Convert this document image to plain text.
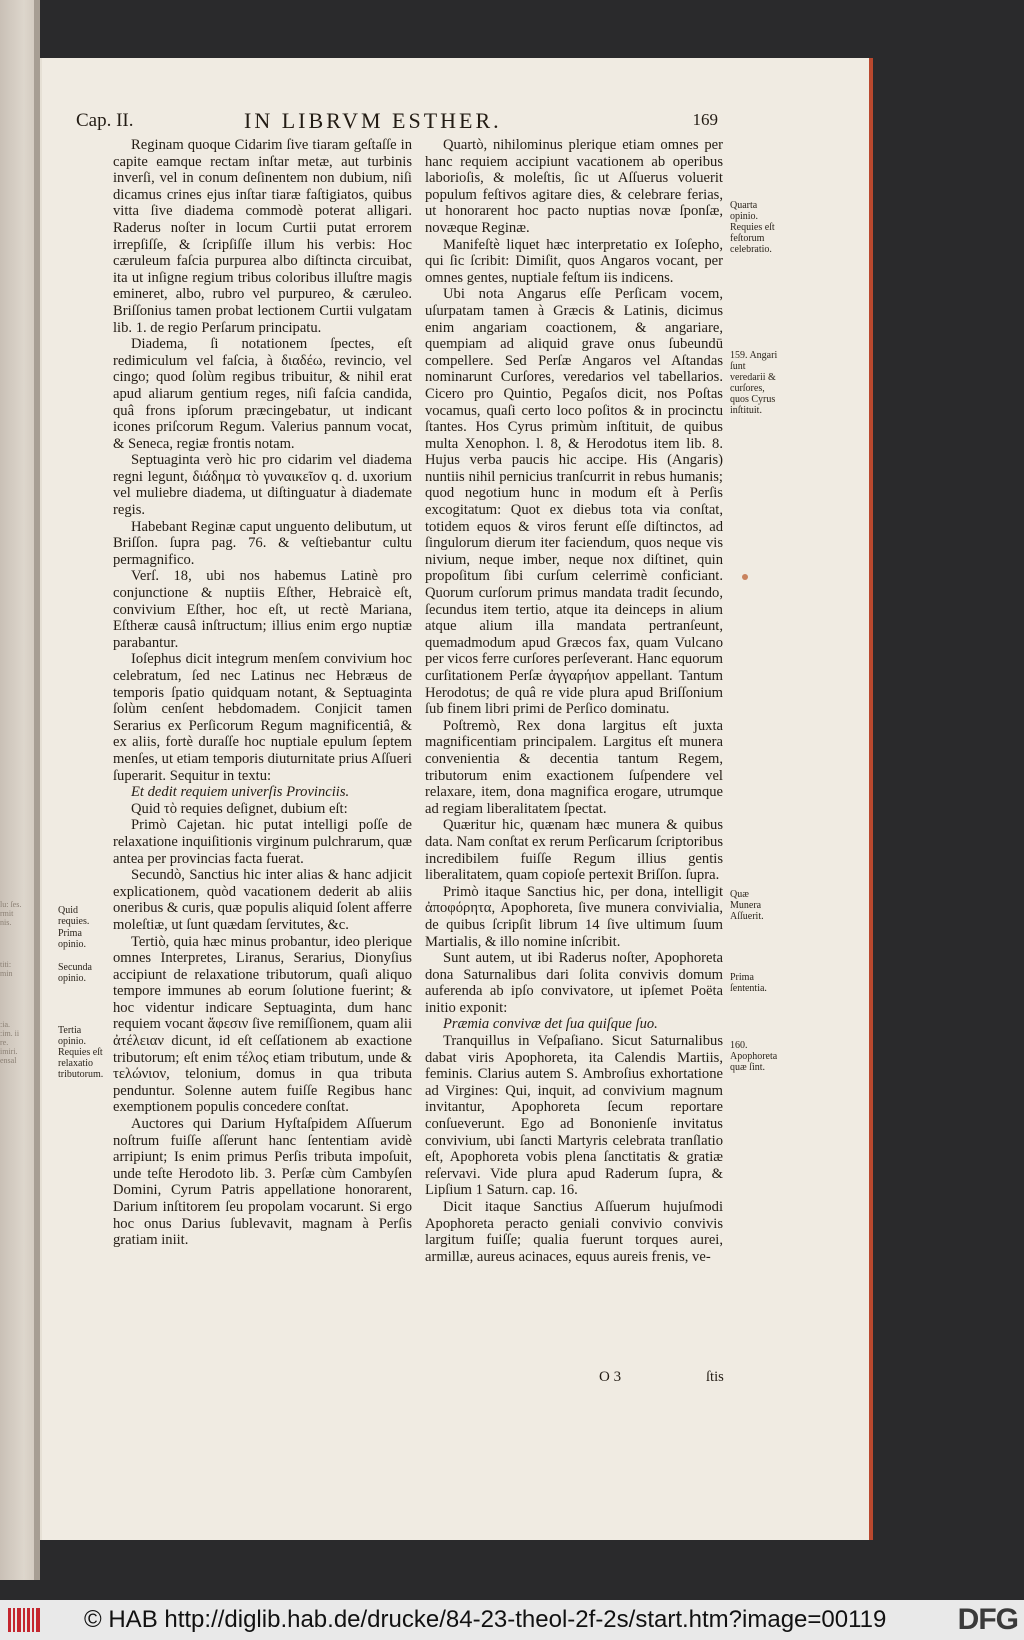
lu: ſes. rmit nis.
titi: min
:ia. :im. ii re. imiri. ensal
Cap. II.	IN LIBRVM ESTHER.	169

Reginam quoque Cidarim ſive tiaram geſtaſſe in capite eamque rectam inſtar metæ, aut turbinis inverſi, vel in conum deſinentem non dubium, niſi dicamus crines ejus inſtar tiaræ faſtigiatos, quibus vitta ſive diadema commodè poterat alligari. Raderus noſter in locum Curtii putat errorem irrepſiſſe, & ſcripſiſſe illum his verbis: Hoc cæruleum faſcia purpurea albo diſtincta circuibat, ita ut inſigne regium tribus coloribus illuſtre magis emineret, albo, rubro vel purpureo, & cæruleo. Briſſonius tamen probat lectionem Curtii vulgatam lib. 1. de regio Perſarum principatu.

Diadema, ſi notationem ſpectes, eſt redimiculum vel faſcia, à διαδέω, revincio, vel cingo; quod ſolùm regibus tribuitur, & nihil erat apud aliarum gentium reges, niſi faſcia candida, quâ frons ipſorum præcingebatur, ut indicant icones priſcorum Regum. Valerius pannum vocat, & Seneca, regiæ frontis notam.

Septuaginta verò hic pro cidarim vel diadema regni legunt, διάδημα τὸ γυναικεῖον q. d. uxorium vel muliebre diadema, ut diſtinguatur à diademate regis.

Habebant Reginæ caput unguento delibutum, ut Briſſon. ſupra pag. 76. & veſtiebantur cultu permagnifico.

Verſ. 18, ubi nos habemus Latinè pro conjunctione & nuptiis Eſther, Hebraicè eſt, convivium Eſther, hoc eſt, ut rectè Mariana, Eſtheræ causâ inſtructum; illius enim ergo nuptiæ parabantur.

Ioſephus dicit integrum menſem convivium hoc celebratum, ſed nec Latinus nec Hebræus de temporis ſpatio quidquam notant, & Septuaginta ſolùm cenſent hebdomadem. Conjicit tamen Serarius ex Perſicorum Regum magnificentiâ, & ex aliis, fortè duraſſe hoc nuptiale epulum ſeptem menſes, ut etiam temporis diuturnitate prius Aſſueri ſuperarit. Sequitur in textu:

Et dedit requiem univerſis Provinciis.

Quid τὸ requies deſignet, dubium eſt:

Primò Cajetan. hic putat intelligi poſſe de relaxatione inquiſitionis virginum pulchrarum, quæ antea per provincias facta fuerat.

Secundò, Sanctius hic inter alias & hanc adjicit explicationem, quòd vacationem dederit ab aliis oneribus & curis, quæ populis aliquid ſolent afferre moleſtiæ, ut ſunt quædam ſervitutes, &c.

Tertiò, quia hæc minus probantur, ideo plerique omnes Interpretes, Liranus, Serarius, Dionyſius accipiunt de relaxatione tributorum, quaſi aliquo tempore immunes ab eorum ſolutione fuerint; & hoc videntur indicare Septuaginta, dum hanc requiem vocant ἄφεσιν ſive remiſſionem, quam alii ἀτέλειαν dicunt, id eſt ceſſationem ab exactione tributorum; eſt enim τέλος etiam tributum, unde & τελώνιον, telonium, domus in qua tributa penduntur. Solenne autem fuiſſe Regibus hanc exemptionem populis concedere conſtat.

Auctores qui Darium Hyſtaſpidem Aſſuerum noſtrum fuiſſe aſſerunt hanc ſententiam avidè arripiunt; Is enim primus Perſis tributa impoſuit, unde teſte Herodoto lib. 3. Perſæ cùm Cambyſen Domini, Cyrum Patris appellatione honorarent, Darium inſtitorem ſeu propolam vocarunt. Si ergo hoc onus Darius ſublevavit, magnam à Perſis gratiam iniit.

Quartò, nihilominus plerique etiam omnes per hanc requiem accipiunt vacationem ab operibus laborioſis, & moleſtis, ſic ut Aſſuerus voluerit populum feſtivos agitare dies, & celebrare ferias, ut honorarent hoc pacto nuptias novæ ſponſæ, novæque Reginæ.

Manifeſtè liquet hæc interpretatio ex Ioſepho, qui ſic ſcribit: Dimiſit, quos Angaros vocant, per omnes gentes, nuptiale feſtum iis indicens.

Ubi nota Angarus eſſe Perſicam vocem, uſurpatam tamen à Græcis & Latinis, dicimus enim angariam coactionem, & angariare, quempiam ad aliquid grave onus ſubeundū compellere. Sed Perſæ Angaros vel Aſtandas nominarunt Curſores, veredarios vel tabellarios. Cicero pro Quintio, Pegaſos dicit, nos Poſtas vocamus, quaſi certo loco poſitos & in procinctu ſtantes. Hos Cyrus primùm inſtituit, de quibus multa Xenophon. l. 8, & Herodotus item lib. 8. Hujus verba paucis hic accipe. His (Angaris) nuntiis nihil pernicius tranſcurrit in rebus humanis; quod negotium hunc in modum eſt à Perſis excogitatum: Quot ex diebus tota via conſtat, totidem equos & viros ferunt eſſe diſtinctos, ad ſingulorum dierum iter faciendum, quos neque vis nivium, neque imber, neque nox diſtinet, quin propoſitum ſibi curſum celerrimè conficiant. Quorum curſorum primus mandata tradit ſecundo, ſecundus item tertio, atque ita deinceps in alium atque alium illa mandata pertranſeunt, quemadmodum apud Græcos fax, quam Vulcano per vicos ferre curſores perſeverant. Hanc equorum curſitationem Perſæ ἀγγαρήιον appellant. Tantum Herodotus; de quâ re vide plura apud Briſſonium ſub finem libri primi de Perſico dominatu.

Poſtremò, Rex dona largitus eſt juxta magnificentiam principalem. Largitus eſt munera convenientia & decentia tantum Regem, tributorum enim exactionem ſuſpendere vel relaxare, item, dona magnifica erogare, utrumque ad regiam liberalitatem ſpectat.

Quæritur hic, quænam hæc munera & quibus data. Nam conſtat ex rerum Perſicarum ſcriptoribus incredibilem fuiſſe Regum illius gentis liberalitatem, quam copioſe pertexit Briſſon. ſupra.

Primò itaque Sanctius hic, per dona, intelligit ἀποφόρητα, Apophoreta, ſive munera convivialia, de quibus ſcripſit librum 14 ſive ultimum ſuum Martialis, & illo nomine inſcribit.

Sunt autem, ut ibi Raderus noſter, Apophoreta dona Saturnalibus dari ſolita convivis domum auferenda ab ipſo convivatore, ut ipſemet Poëta initio exponit:

Præmia convivæ det ſua quiſque ſuo.

Tranquillus in Veſpaſiano. Sicut Saturnalibus dabat viris Apophoreta, ita Calendis Martiis, feminis. Clarius autem S. Ambroſius exhortatione ad Virgines: Qui, inquit, ad convivium magnum invitantur, Apophoreta ſecum reportare conſueverunt. Ego ad Bononienſe invitatus convivium, ubi ſancti Martyris celebrata tranſlatio eſt, Apophoreta vobis plena ſanctitatis & gratiæ reſervavi. Vide plura apud Raderum ſupra, & Lipſium 1 Saturn. cap. 16.

Dicit itaque Sanctius Aſſuerum hujuſmodi Apophoreta peracto geniali convivio convivis largitum fuiſſe; qualia fuerunt torques aurei, armillæ, aureus acinaces, equus aureis frenis, ve-

Quid requies.
Prima opinio.
Secunda opinio.
Tertia opinio. Requies eſt relaxatio tributorum.
Quarta opinio. Requies eſt feſtorum celebratio.
159. Angari ſunt veredarii & curſores, quos Cyrus inſtituit.
Quæ Munera Aſſuerit.
Prima ſententia.
160. Apophoreta quæ ſint.
O 3	ſtis
© HAB http://diglib.hab.de/drucke/84-23-theol-2f-2s/start.htm?image=00119 DFG
